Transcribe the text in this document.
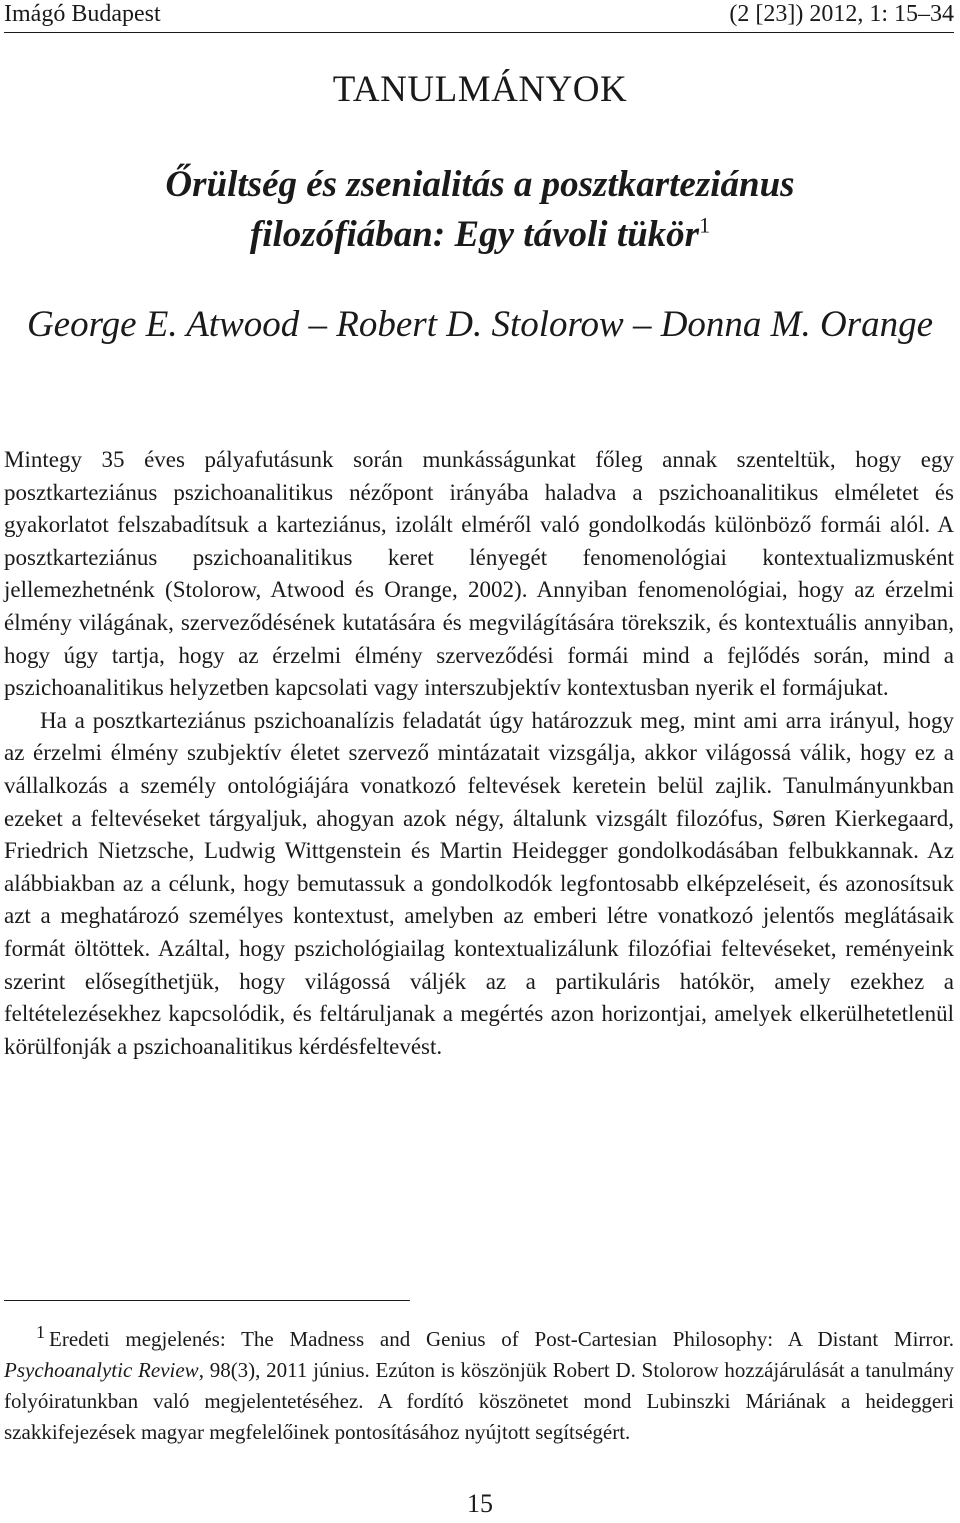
Imágó Budapest	(2 [23]) 2012, 1: 15–34
TANULMÁNYOK
Őrültség és zsenialitás a posztkarteziánus
filozófiában: Egy távoli tükör$^1$
George E. Atwood – Robert D. Stolorow – Donna M. Orange

Mintegy 35 éves pályafutásunk során munkásságunkat főleg annak szenteltük, hogy egy posztkarteziánus pszichoanalitikus nézőpont irányába haladva a pszichoanalitikus elméletet és gyakorlatot felszabadítsuk a karteziánus, izolált elméről való gondolkodás különböző formái alól. A posztkarteziánus pszichoanalitikus keret lényegét fenomenológiai kontextualizmusként jellemezhetnénk (Stolorow, Atwood és Orange, 2002). Annyiban fenomenológiai, hogy az érzelmi élmény világának, szerveződésének kutatására és megvilágítására törekszik, és kontextuális annyiban, hogy úgy tartja, hogy az érzelmi élmény szerveződési formái mind a fejlődés során, mind a pszichoanalitikus helyzetben kapcsolati vagy interszubjektív kontextusban nyerik el formájukat.

Ha a posztkarteziánus pszichoanalízis feladatát úgy határozzuk meg, mint ami arra irányul, hogy az érzelmi élmény szubjektív életet szervező mintázatait vizsgálja, akkor világossá válik, hogy ez a vállalkozás a személy ontológiájára vonatkozó feltevések keretein belül zajlik. Tanulmányunkban ezeket a feltevéseket tárgyaljuk, ahogyan azok négy, általunk vizsgált filozófus, Søren Kierkegaard, Friedrich Nietzsche, Ludwig Wittgenstein és Martin Heidegger gondolkodásában felbukkannak. Az alábbiakban az a célunk, hogy bemutassuk a gondolkodók legfontosabb elképzeléseit, és azonosítsuk azt a meghatározó személyes kontextust, amelyben az emberi létre vonatkozó jelentős meglátásaik formát öltöttek. Azáltal, hogy pszichológiailag kontextualizálunk filozófiai feltevéseket, reményeink szerint elősegíthetjük, hogy világossá váljék az a partikuláris hatókör, amely ezekhez a feltételezésekhez kapcsolódik, és feltáruljanak a megértés azon horizontjai, amelyek elkerülhetetlenül körülfonják a pszichoanalitikus kérdésfeltevést.

1 Eredeti megjelenés: The Madness and Genius of Post-Cartesian Philosophy: A Distant Mirror. Psychoanalytic Review, 98(3), 2011 június. Ezúton is köszönjük Robert D. Stolorow hozzájárulását a tanulmány folyóiratunkban való megjelentetéséhez. A fordító köszönetet mond Lubinszki Máriának a heideggeri szakkifejezések magyar megfelelőinek pontosításához nyújtott segítségért.

15
